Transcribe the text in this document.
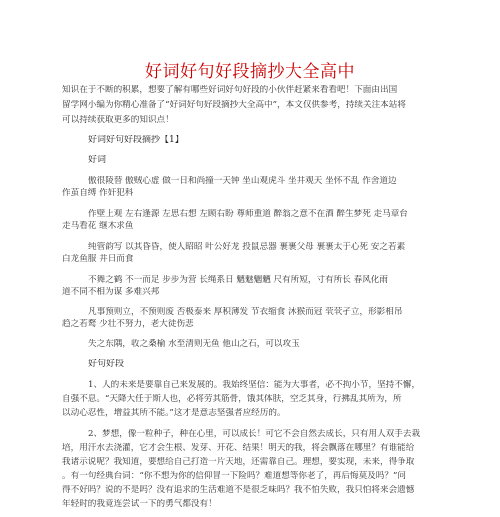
好词好句好段摘抄大全高中
知识在于不断的积累，想要了解有哪些好词好句好段的小伙伴赶紧来看看吧！下面由出国
留学网小编为你精心准备了“好词好句好段摘抄大全高中”，本文仅供参考，持续关注本站将
可以持续获取更多的知识点！
好词好句好段摘抄【1】
好词
傲很陵替 傲贼心虚 做一日和尚撞一天钟 坐山观虎斗 坐井观天 坐怀不乱 作舍道边
作茧自缚 作奸犯科
作壁上观 左右逢源 左思右想 左顾右盼 尊师重道 醉翁之意不在酒 醉生梦死 走马章台
走马看花 继木求鱼
纯管韵写 以其昏昏，使人昭昭 叶公好龙 投鼠忌器 裹裹父母 裹裹太于心死 安之若素
白龙鱼服 井日而食
不舞之鹤 不一而足 步步为营 长绳系日 魑魅魍魉 尺有所短，寸有所长 春风化雨
道不同不相为谋 多难兴邦
凡事预则立，不预则废 否极泰来 厚积薄发 节衣缩食 沐猴而冠 茕茕孑立，形影相吊
趋之若鹜 少壮不努力，老大徒伤悲
失之东隅，收之桑榆 水至清则无鱼 他山之石，可以攻玉
好句好段
1、人的未来是要靠自己来发展的。我始终坚信：能为大事者，必不拘小节，坚持不懈，
自强不息。“天降大任于斯人也，必将劳其筋骨，饿其体肤，空乏其身，行拂乱其所为，所
以动心忍性，增益其所不能。”这才是意志坚强者应经历的。
2、梦想，像一粒种子，种在心里，可以成长！可它不会自然去成长，只有用人双手去栽
培，用汗水去浇灌，它才会生根、发芽、开花、结果！明天的我，将会飘落在哪里？有谁能给
我诸示说呢？我知道，要想给自己打造一片天地，还需靠自己。理想，要实现，未来，得争取
。有一句经典台词：“你不想为你的信仰冒一下险吗？难道想等你老了，再后悔莫及吗？”问
得不好吗？说的不是吗？没有追求的生活难道不是很乏味吗？我不怕失败，我只怕将来会遗憾
年轻时的我竟连尝试一下的勇气都没有！
